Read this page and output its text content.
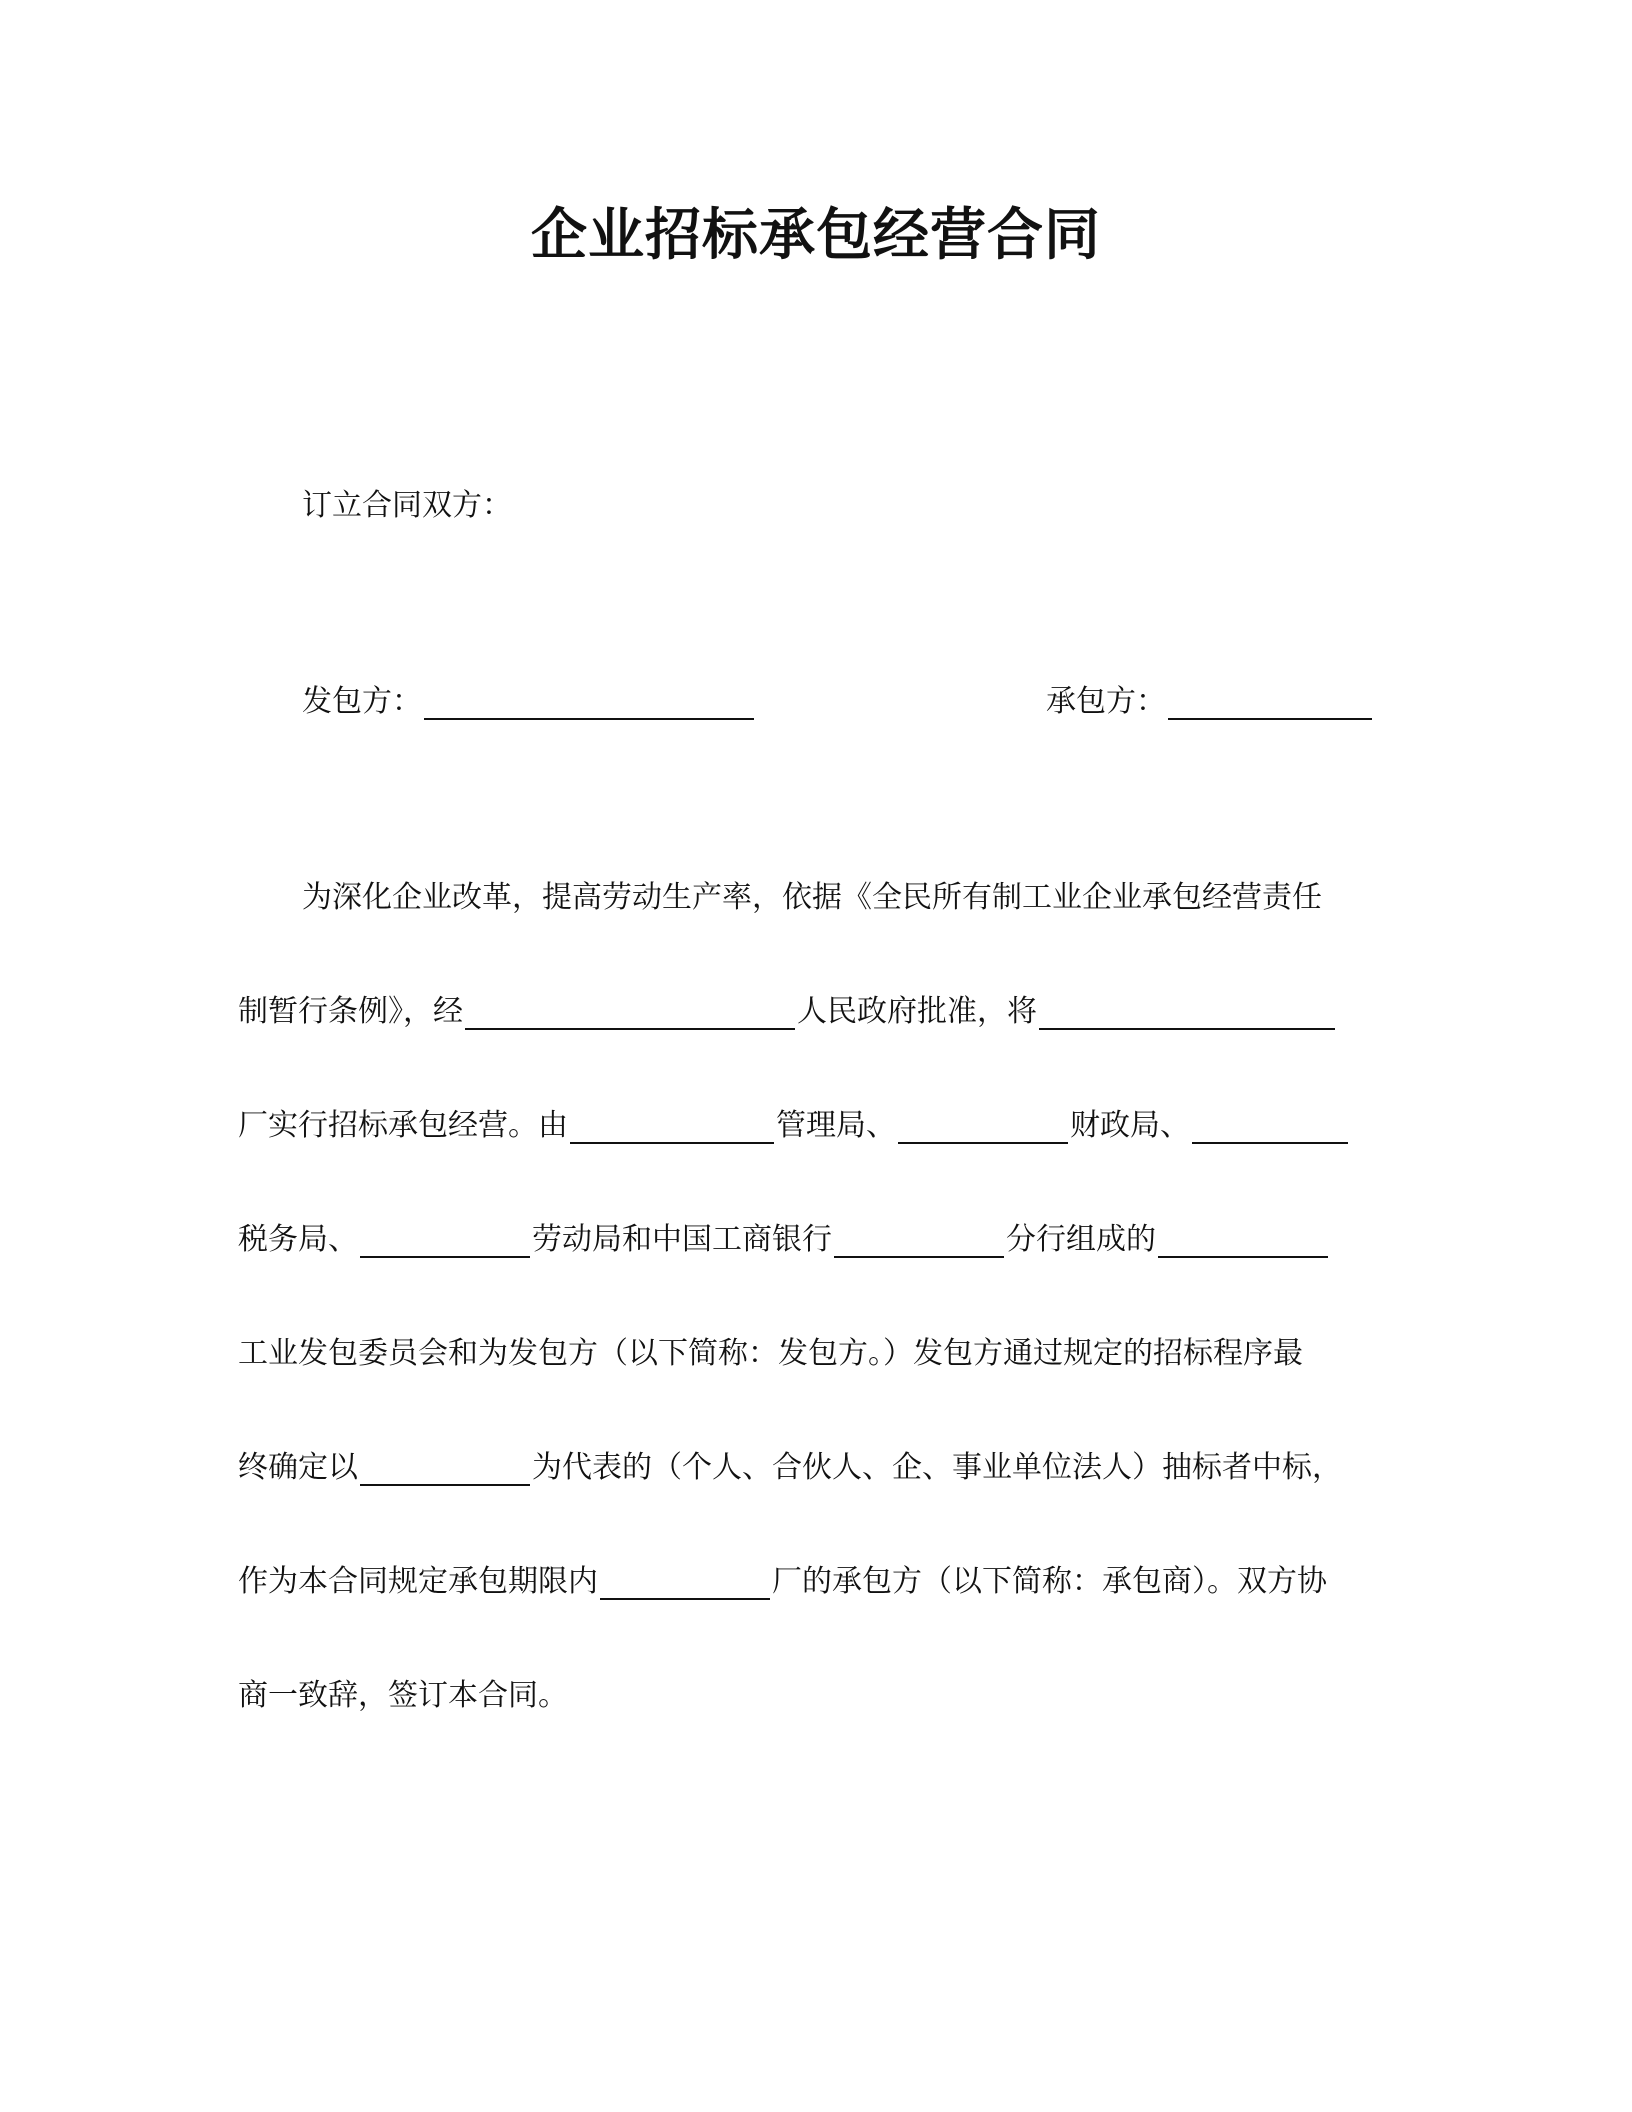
企业招标承包经营合同
订立合同双方：
发包方：	承包方：
为深化企业改革，提高劳动生产率，依据《全民所有制工业企业承包经营责任
制暂行条例》，经	人民政府批准，将
厂实行招标承包经营。由	管理局、	财政局、
税务局、	劳动局和中国工商银行	分行组成的
工业发包委员会和为发包方（以下简称：发包方。）发包方通过规定的招标程序最
终确定以	为代表的（个人、合伙人、企、事业单位法人）抽标者中标，
作为本合同规定承包期限内	厂的承包方（以下简称：承包商）。双方协
商一致辞，签订本合同。
